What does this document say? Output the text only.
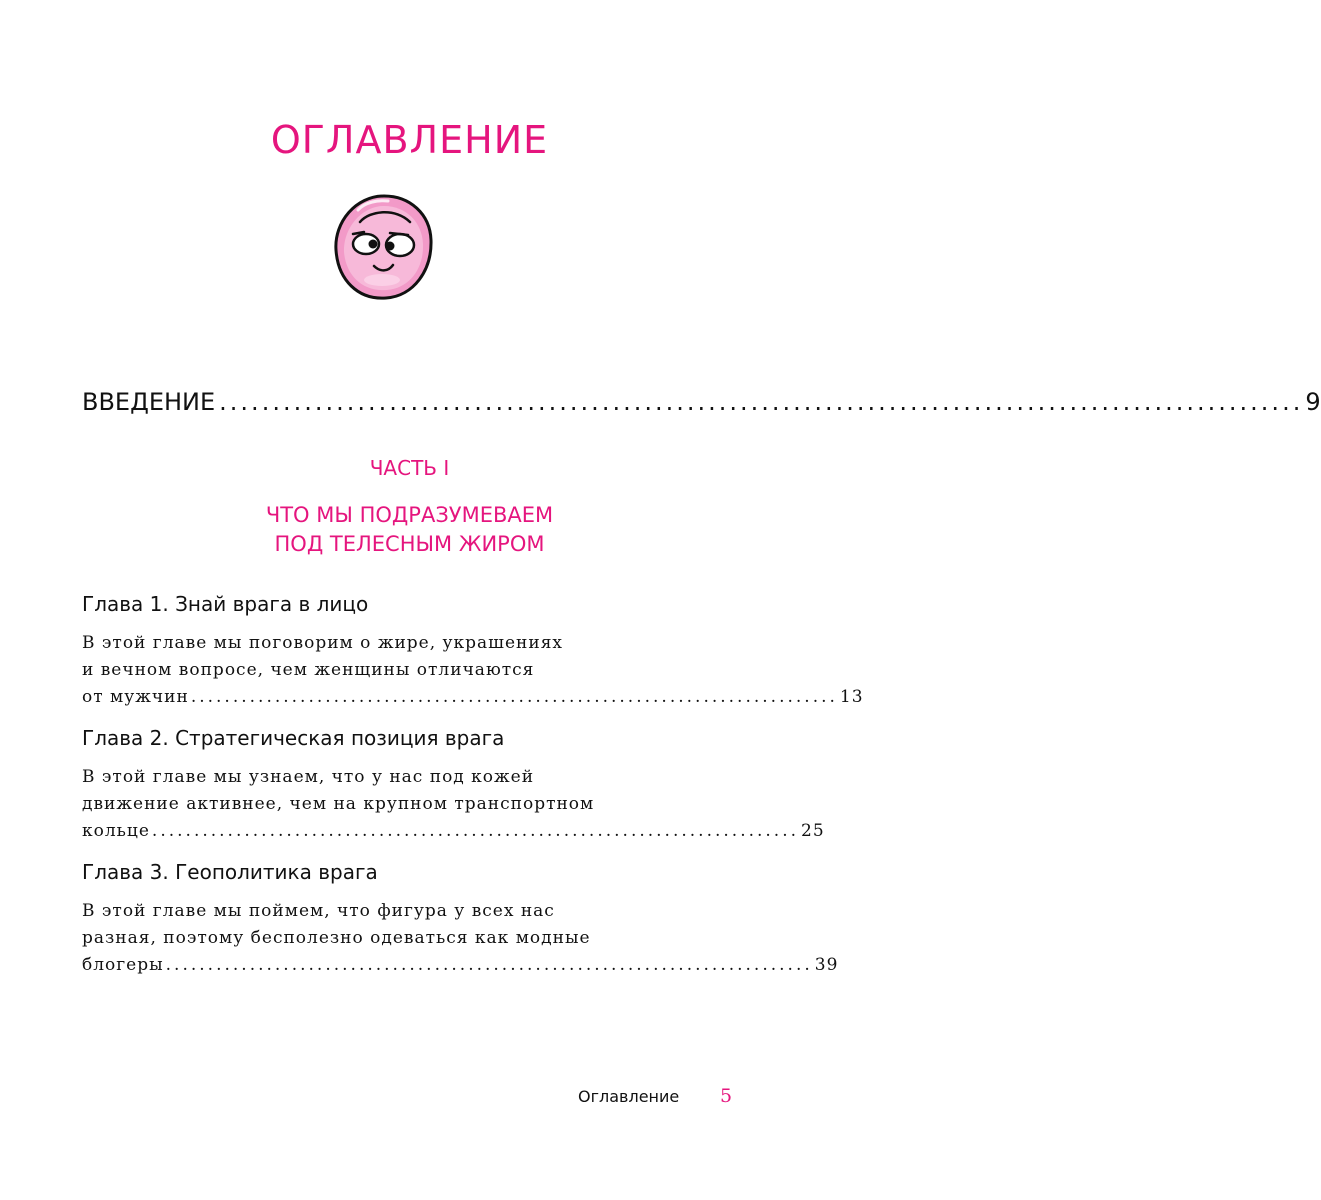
ОГЛАВЛЕНИЕ
ВВЕДЕНИЕ ...................................................................................................... 9
ЧАСТЬ I
ЧТО МЫ ПОДРАЗУМЕВАЕМ
ПОД ТЕЛЕСНЫМ ЖИРОМ
Глава 1. Знай врага в лицо
В этой главе мы поговорим о жире, украшениях
и вечном вопросе, чем женщины отличаются
от мужчин ............................................................................. 13
Глава 2. Стратегическая позиция врага
В этой главе мы узнаем, что у нас под кожей
движение активнее, чем на крупном транспортном
кольце ............................................................................. 25
Глава 3. Геополитика врага
В этой главе мы поймем, что фигура у всех нас
разная, поэтому бесполезно одеваться как модные
блогеры ............................................................................. 39
Оглавление 5
